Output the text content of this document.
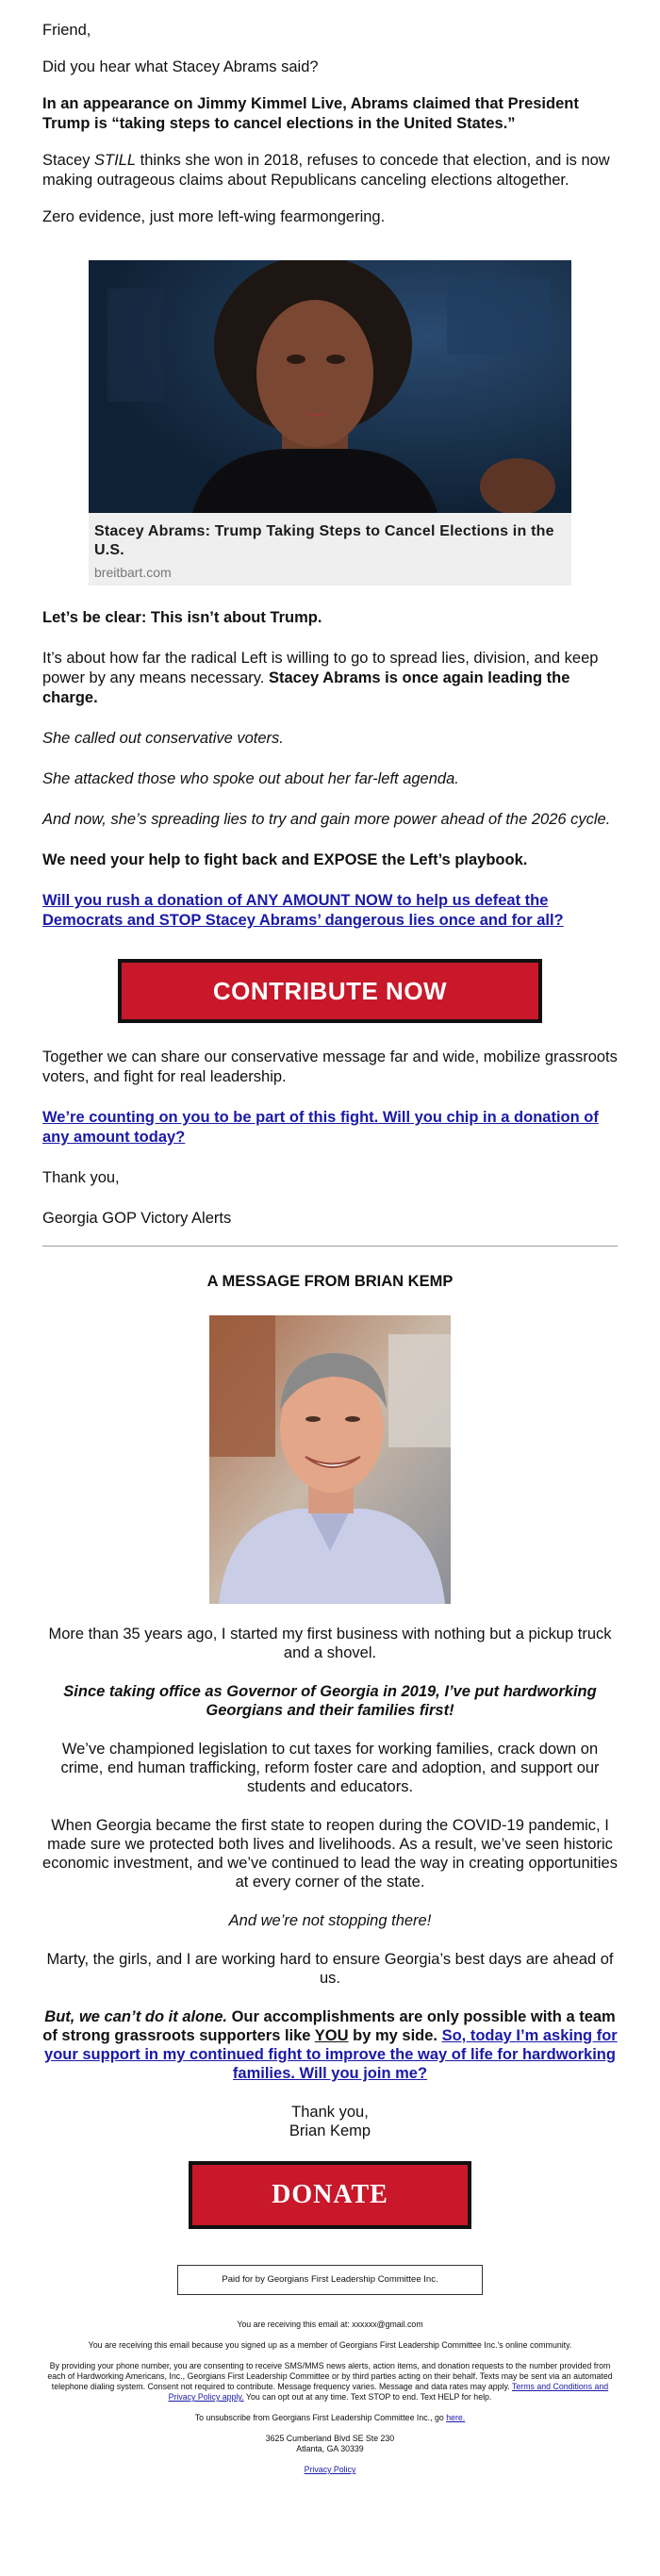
Friend,

Did you hear what Stacey Abrams said?

In an appearance on Jimmy Kimmel Live, Abrams claimed that President Trump is “taking steps to cancel elections in the United States.”

Stacey STILL thinks she won in 2018, refuses to concede that election, and is now making outrageous claims about Republicans canceling elections altogether.

Zero evidence, just more left-wing fearmongering.

Stacey Abrams: Trump Taking Steps to Cancel Elections in the U.S.
breitbart.com

Let’s be clear: This isn’t about Trump.

It’s about how far the radical Left is willing to go to spread lies, division, and keep power by any means necessary. Stacey Abrams is once again leading the charge.

She called out conservative voters.

She attacked those who spoke out about her far-left agenda.

And now, she’s spreading lies to try and gain more power ahead of the 2026 cycle.

We need your help to fight back and EXPOSE the Left’s playbook.

Will you rush a donation of ANY AMOUNT NOW to help us defeat the Democrats and STOP Stacey Abrams’ dangerous lies once and for all?

CONTRIBUTE NOW

Together we can share our conservative message far and wide, mobilize grassroots voters, and fight for real leadership.

We’re counting on you to be part of this fight. Will you chip in a donation of any amount today?

Thank you,

Georgia GOP Victory Alerts

A MESSAGE FROM BRIAN KEMP

More than 35 years ago, I started my first business with nothing but a pickup truck and a shovel.

Since taking office as Governor of Georgia in 2019, I’ve put hardworking Georgians and their families first!

We’ve championed legislation to cut taxes for working families, crack down on crime, end human trafficking, reform foster care and adoption, and support our students and educators.

When Georgia became the first state to reopen during the COVID-19 pandemic, I made sure we protected both lives and livelihoods. As a result, we’ve seen historic economic investment, and we’ve continued to lead the way in creating opportunities at every corner of the state.

And we’re not stopping there!

Marty, the girls, and I are working hard to ensure Georgia’s best days are ahead of us.

But, we can’t do it alone. Our accomplishments are only possible with a team of strong grassroots supporters like YOU by my side. So, today I’m asking for your support in my continued fight to improve the way of life for hardworking families. Will you join me?

Thank you,

Brian Kemp

DONATE
Paid for by Georgians First Leadership Committee Inc.

You are receiving this email at: xxxxxx@gmail.com

You are receiving this email because you signed up as a member of Georgians First Leadership Committee Inc.'s online community.

By providing your phone number, you are consenting to receive SMS/MMS news alerts, action items, and donation requests to the number provided from each of Hardworking Americans, Inc., Georgians First Leadership Committee or by third parties acting on their behalf. Texts may be sent via an automated telephone dialing system. Consent not required to contribute. Message frequency varies. Message and data rates may apply. Terms and Conditions and Privacy Policy apply. You can opt out at any time. Text STOP to end. Text HELP for help.

To unsubscribe from Georgians First Leadership Committee Inc., go here.

3625 Cumberland Blvd SE Ste 230

Atlanta, GA 30339

Privacy Policy
